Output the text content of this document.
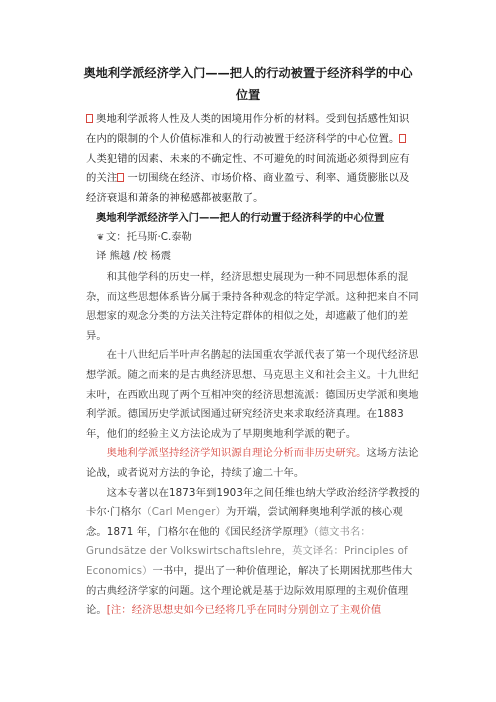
奥地利学派经济学入门——把人的行动被置于经济科学的中心位置
奥地利学派将人性及人类的困境用作分析的材料。受到包括感性知识在内的限制的个人价值标准和人的行动被置于经济科学的中心位置。人类犯错的因素、未来的不确定性、不可避免的时间流逝必须得到应有的关注 一切围绕在经济、市场价格、商业盈亏、利率、通货膨胀以及经济衰退和萧条的神秘感都被驱散了。
奥地利学派经济学入门——把人的行动置于经济科学的中心位置
❦ 文：托马斯·C.泰勒
译 熊越 /校 杨震

和其他学科的历史一样，经济思想史展现为一种不同思想体系的混杂，而这些思想体系皆分属于秉持各种观念的特定学派。这种把来自不同思想家的观念分类的方法关注特定群体的相似之处，却遮蔽了他们的差异。

在十八世纪后半叶声名鹊起的法国重农学派代表了第一个现代经济思想学派。随之而来的是古典经济思想、马克思主义和社会主义。十九世纪末叶，在西欧出现了两个互相冲突的经济思想流派：德国历史学派和奥地利学派。德国历史学派试图通过研究经济史来求取经济真理。在1883年，他们的经验主义方法论成为了早期奥地利学派的靶子。

奥地利学派坚持经济学知识源自理论分析而非历史研究。这场方法论论战，或者说对方法的争论，持续了逾二十年。

这本专著以在1873年到1903年之间任维也纳大学政治经济学教授的卡尔·门格尔（Carl Menger）为开端，尝试阐释奥地利学派的核心观念。1871 年，门格尔在他的《国民经济学原理》（德文书名：Grundsätze der Volkswirtschaftslehre，英文译名：Principles of Economics）一书中，提出了一种价值理论，解决了长期困扰那些伟大的古典经济学家的问题。这个理论就是基于边际效用原理的主观价值理论。[注：经济思想史如今已经将几乎在同时分别创立了主观价值
